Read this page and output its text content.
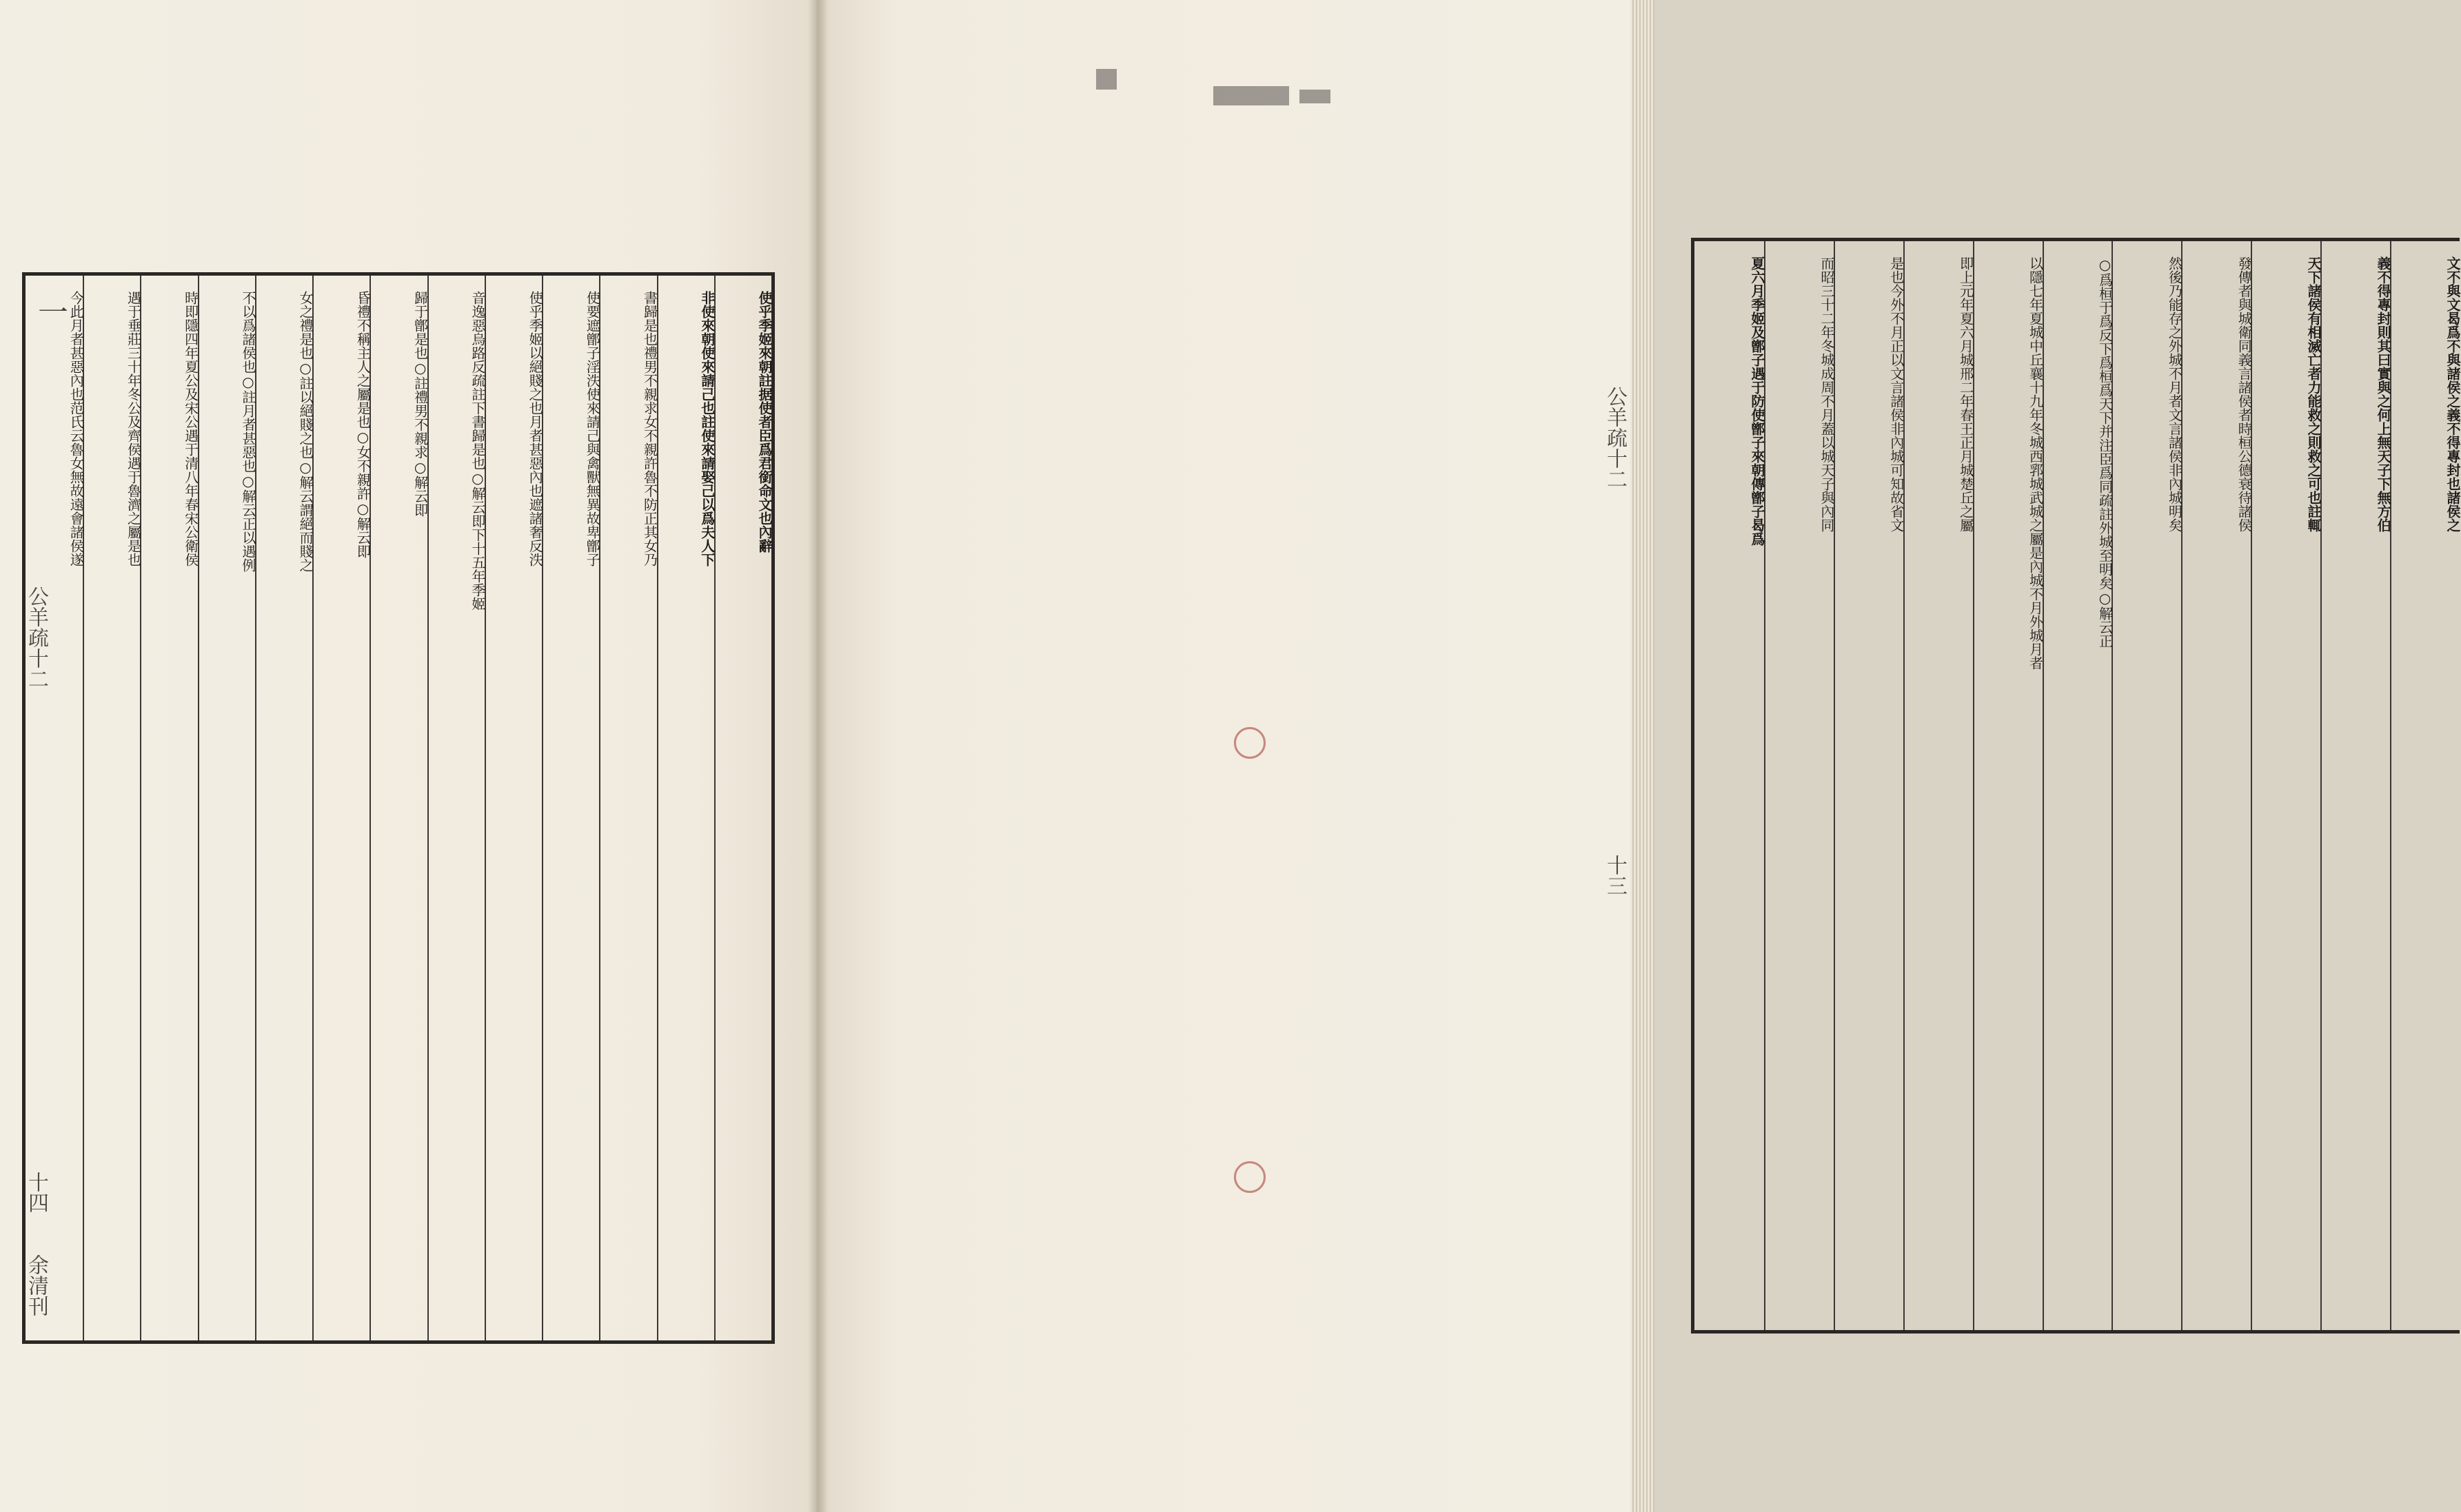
使乎季姬來朝註据使者臣爲君銜命文也內辭
非使來朝使來請己也註使來請娶己以爲夫人下
書歸是也禮男不親求女不親許魯不防正其女乃
使要遮鄫子淫泆使來請己與禽獸無異故卑鄫子
使乎季姬以絕賤之也月者甚惡內也遮諸奢反泆
音逸惡烏路反疏註下書歸是也○解云即下十五年季姬
歸于鄫是也○註禮男不親求○解云即
昏禮不稱主人之屬是也○女不親許○解云即
女之禮是也○註以絕賤之也○解云謂絕而賤之
不以爲諸侯也○註月者甚惡也○解云正以遇例
時即隱四年夏公及宋公遇于清八年春宋公衛侯
遇于垂莊三十年冬公及齊侯遇于魯濟之屬是也
今此月者甚惡內也范氏云魯女無故遠會諸侯遂
一
公羊疏十二
十四
余清刊
文不與文曷爲不與諸侯之義不得專封也諸侯之
義不得專封則其曰實與之何上無天子下無方伯
天下諸侯有相滅亡者力能救之則救之可也註輒
發傳者與城衛同義言諸侯者時桓公德衰待諸侯
然後乃能存之外城不月者文言諸侯非內城明矣
○爲桓于爲反下爲桓爲天下并注臣爲同疏註外城至明矣○解云正
以隱七年夏城中丘襄十九年冬城西郛城武城之屬是內城不月外城月者
即上元年夏六月城邢二年春王正月城楚丘之屬
是也今外不月正以文言諸侯非內城可知故省文
而昭三十二年冬城成周不月蓋以城天子與內同
夏六月季姬及鄫子遇于防使鄫子來朝傳鄫子曷爲
公羊疏十二
十三
